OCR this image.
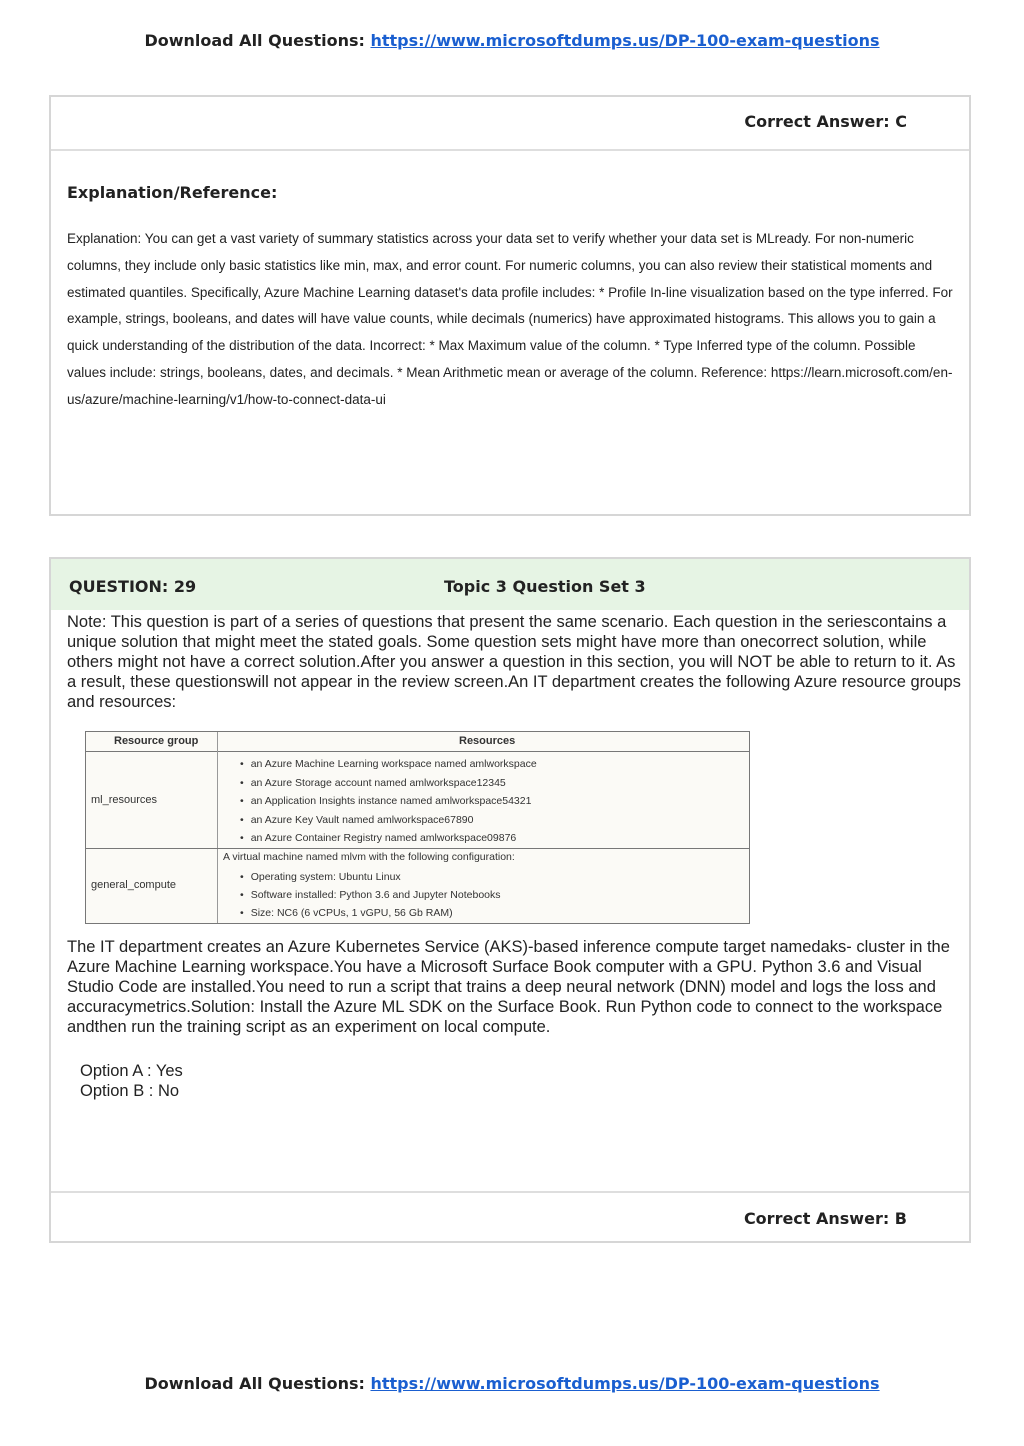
Download All Questions: https://www.microsoftdumps.us/DP-100-exam-questions
Correct Answer: C
Explanation/Reference:
Explanation: You can get a vast variety of summary statistics across your data set to verify whether your data set is MLready. For non-numeric columns, they include only basic statistics like min, max, and error count. For numeric columns, you can also review their statistical moments and estimated quantiles. Specifically, Azure Machine Learning dataset's data profile includes: * Profile In-line visualization based on the type inferred. For example, strings, booleans, and dates will have value counts, while decimals (numerics) have approximated histograms. This allows you to gain a quick understanding of the distribution of the data. Incorrect: * Max Maximum value of the column. * Type Inferred type of the column. Possible values include: strings, booleans, dates, and decimals. * Mean Arithmetic mean or average of the column. Reference: https://learn.microsoft.com/en-us/azure/machine-learning/v1/how-to-connect-data-ui
QUESTION: 29	Topic 3 Question Set 3
Note: This question is part of a series of questions that present the same scenario. Each question in the seriescontains a unique solution that might meet the stated goals. Some question sets might have more than onecorrect solution, while others might not have a correct solution.After you answer a question in this section, you will NOT be able to return to it. As a result, these questionswill not appear in the review screen.An IT department creates the following Azure resource groups and resources:
Resource group	Resources
ml_resources
• an Azure Machine Learning workspace named amlworkspace
• an Azure Storage account named amlworkspace12345
• an Application Insights instance named amlworkspace54321
• an Azure Key Vault named amlworkspace67890
• an Azure Container Registry named amlworkspace09876
general_compute
A virtual machine named mlvm with the following configuration:
• Operating system: Ubuntu Linux
• Software installed: Python 3.6 and Jupyter Notebooks
• Size: NC6 (6 vCPUs, 1 vGPU, 56 Gb RAM)
The IT department creates an Azure Kubernetes Service (AKS)-based inference compute target namedaks- cluster in the Azure Machine Learning workspace.You have a Microsoft Surface Book computer with a GPU. Python 3.6 and Visual Studio Code are installed.You need to run a script that trains a deep neural network (DNN) model and logs the loss and accuracymetrics.Solution: Install the Azure ML SDK on the Surface Book. Run Python code to connect to the workspace andthen run the training script as an experiment on local compute.
Option A : Yes
Option B : No
Correct Answer: B
Download All Questions: https://www.microsoftdumps.us/DP-100-exam-questions
